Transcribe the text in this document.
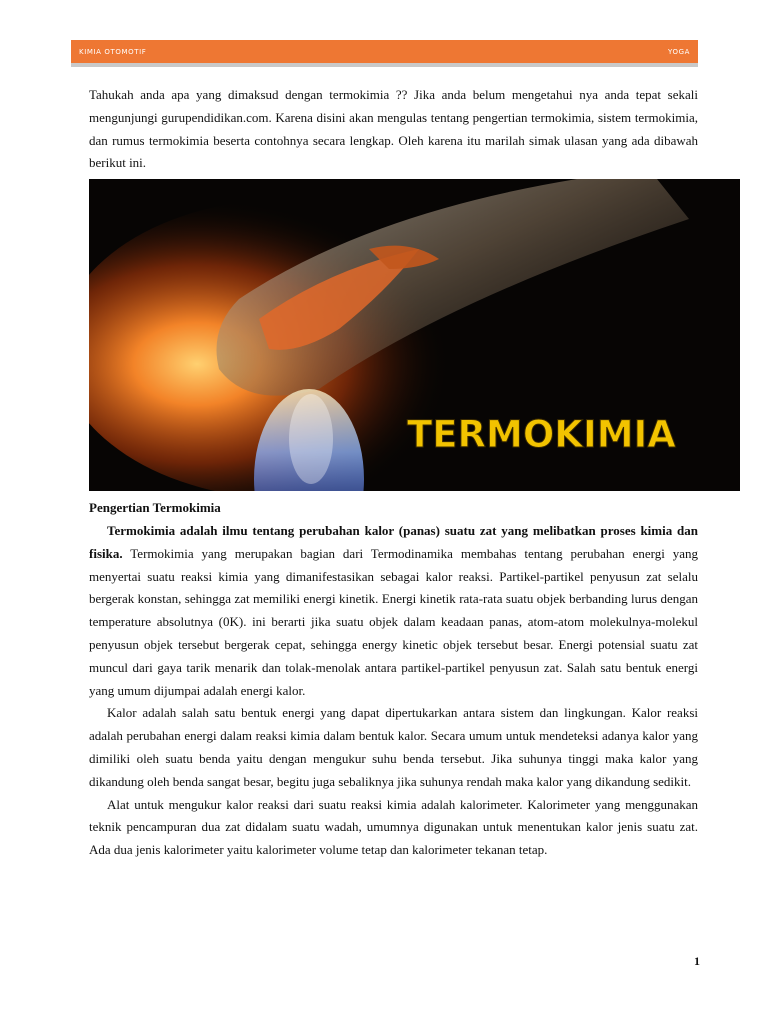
KIMIA OTOMOTIF	YOGA

Tahukah anda apa yang dimaksud dengan termokimia ?? Jika anda belum mengetahui nya anda tepat sekali mengunjungi gurupendidikan.com. Karena disini akan mengulas tentang pengertian termokimia, sistem termokimia, dan rumus termokimia beserta contohnya secara lengkap. Oleh karena itu marilah simak ulasan yang ada dibawah berikut ini.

TERMOKIMIA

Pengertian Termokimia

Termokimia adalah ilmu tentang perubahan kalor (panas) suatu zat yang melibatkan proses kimia dan fisika. Termokimia yang merupakan bagian dari Termodinamika membahas tentang perubahan energi yang menyertai suatu reaksi kimia yang dimanifestasikan sebagai kalor reaksi. Partikel-partikel penyusun zat selalu bergerak konstan, sehingga zat memiliki energi kinetik. Energi kinetik rata-rata suatu objek berbanding lurus dengan temperature absolutnya (0K). ini berarti jika suatu objek dalam keadaan panas, atom-atom molekulnya-molekul penyusun objek tersebut bergerak cepat, sehingga energy kinetic objek tersebut besar. Energi potensial suatu zat muncul dari gaya tarik menarik dan tolak-menolak antara partikel-partikel penyusun zat. Salah satu bentuk energi yang umum dijumpai adalah energi kalor.

Kalor adalah salah satu bentuk energi yang dapat dipertukarkan antara sistem dan lingkungan. Kalor reaksi adalah perubahan energi dalam reaksi kimia dalam bentuk kalor. Secara umum untuk mendeteksi adanya kalor yang dimiliki oleh suatu benda yaitu dengan mengukur suhu benda tersebut. Jika suhunya tinggi maka kalor yang dikandung oleh benda sangat besar, begitu juga sebaliknya jika suhunya rendah maka kalor yang dikandung sedikit.

Alat untuk mengukur kalor reaksi dari suatu reaksi kimia adalah kalorimeter. Kalorimeter yang menggunakan teknik pencampuran dua zat didalam suatu wadah, umumnya digunakan untuk menentukan kalor jenis suatu zat. Ada dua jenis kalorimeter yaitu kalorimeter volume tetap dan kalorimeter tekanan tetap.

1
